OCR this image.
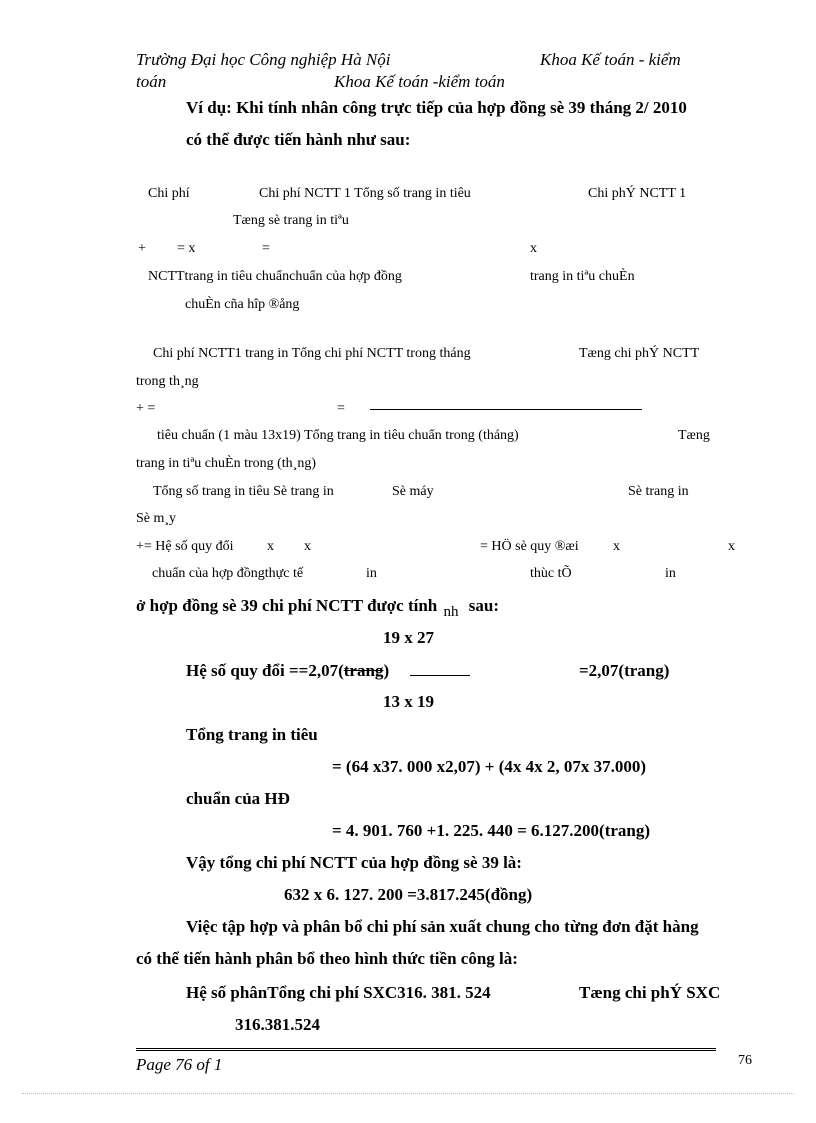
Trường Đại học Công nghiệp Hà Nội	Khoa Kế toán - kiểm
toán	Khoa Kế toán -kiểm toán
Ví dụ: Khi tính nhân công trực tiếp của hợp đồng sè 39 tháng 2/ 2010
có thể được tiến hành như sau:
Chi phí	Chi phí NCTT 1 Tổng số trang in tiêu	Chi phÝ NCTT 1
Tæng sè trang in tiªu
+ = x	=	x
NCTTtrang in tiêu chuẩnchuẩn của hợp đồng	trang in tiªu chuÈn
chuÈn cña hîp ®ång
Chi phí NCTT1 trang in Tổng chi phí NCTT trong tháng	Tæng chi phÝ NCTT
trong th¸ng
+ =	=
tiêu chuẩn (1 màu 13x19) Tổng trang in tiêu chuẩn trong (tháng)	Tæng
trang in tiªu chuÈn trong (th¸ng)
Tổng số trang in tiêu Sè trang in	Sè máy	Sè trang in
Sè m¸y
+= Hệ số quy đổi x x	= HÖ sè quy ®æi x	x
chuẩn của hợp đồngthực tế	in	thùc tÕ	in
ở hợp đồng sè 39 chi phí NCTT được tính nh sau:
19 x 27
Hệ số quy đổi ==2,07(trang)	=2,07(trang)
13 x 19
Tổng trang in tiêu
= (64 x37. 000 x2,07) + (4x 4x 2, 07x 37.000)
chuẩn của HĐ
= 4. 901. 760 +1. 225. 440 = 6.127.200(trang)
Vậy tổng chi phí NCTT của hợp đồng sè 39 là:
632 x 6. 127. 200 =3.817.245(đồng)
Việc tập hợp và phân bổ chi phí sản xuất chung cho từng đơn đặt hàng
có thể tiến hành phân bổ theo hình thức tiền công là:
Hệ số phânTổng chi phí SXC316. 381. 524	Tæng chi phÝ SXC
316.381.524
Page 76 of 1	76
